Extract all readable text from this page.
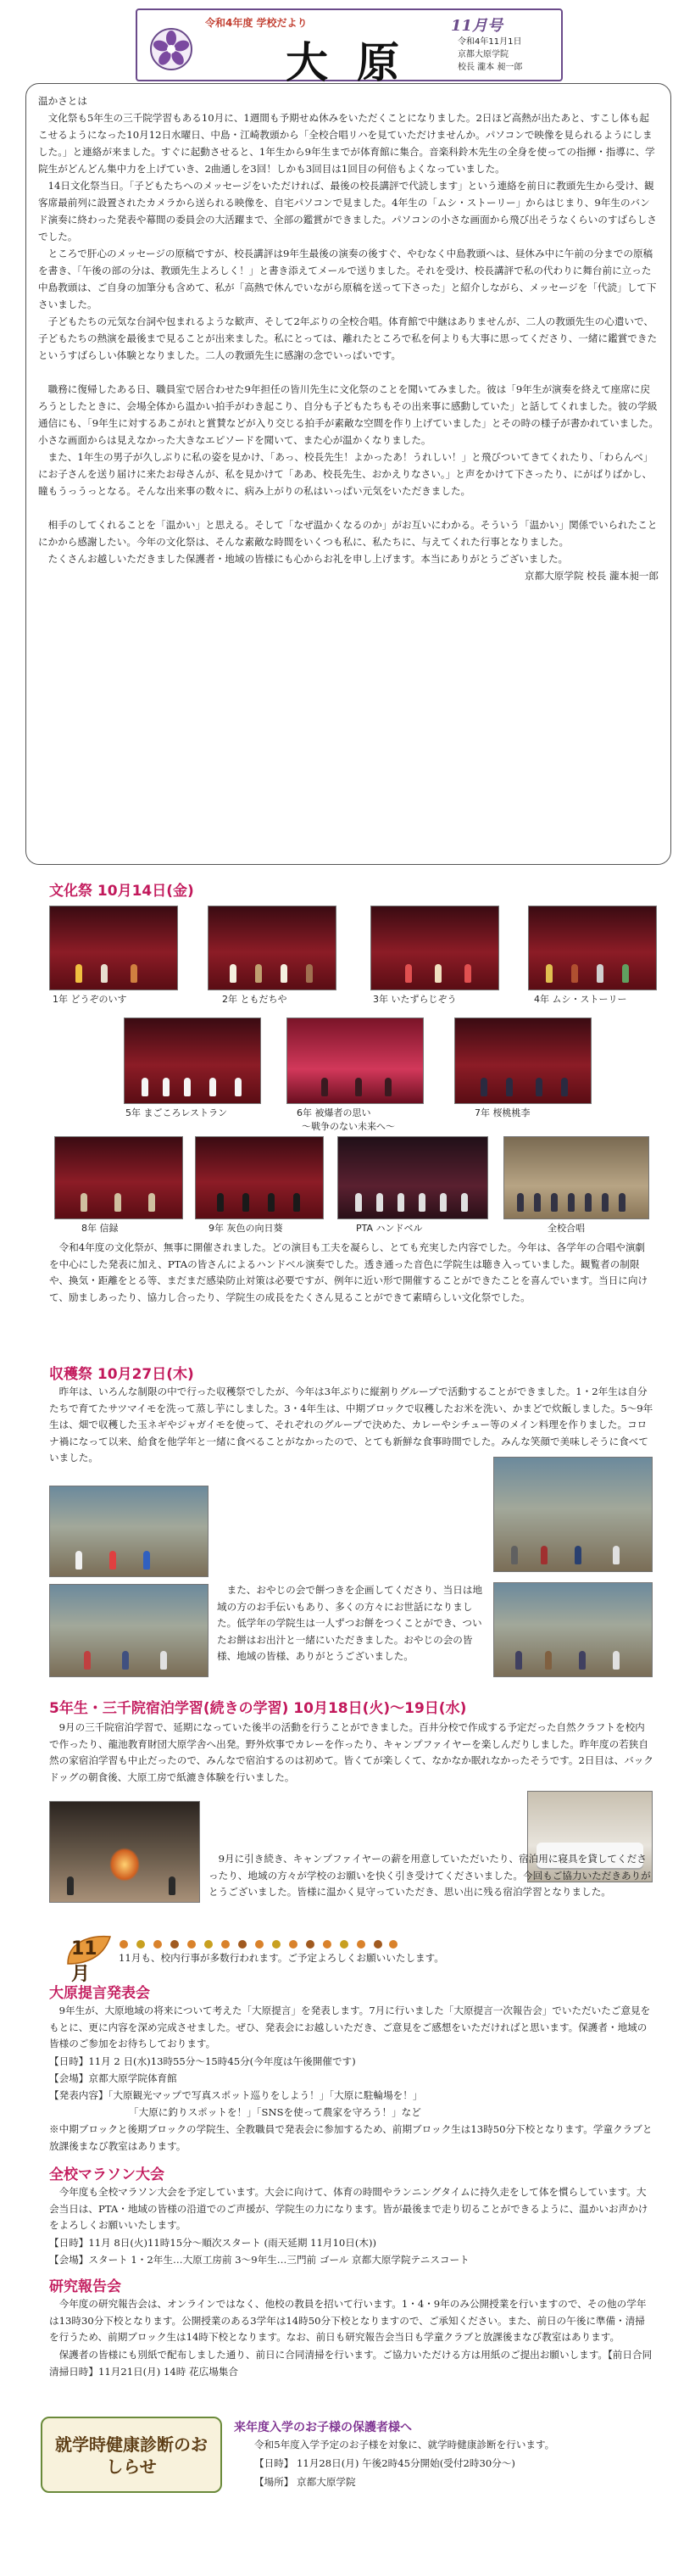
令和4年度 学校だより
大原
11月号
令和4年11月1日
京都大原学院
校長 瀧本 昶一郎

温かさとは

文化祭も5年生の三千院学習もある10月に、1週間も予期せぬ休みをいただくことになりました。2日ほど高熱が出たあと、すこし体も起こせるようになった10月12日水曜日、中島・江崎教頭から「全校合唱リハを見ていただけませんか。パソコンで映像を見られるようにしました。」と連絡が来ました。すぐに起動させると、1年生から9年生までが体育館に集合。音楽科鈴木先生の全身を使っての指揮・指導に、学院生がどんどん集中力を上げていき、2曲通しを3回！しかも3回目は1回目の何倍もよくなっていました。

14日文化祭当日。「子どもたちへのメッセージをいただければ、最後の校長講評で代読します」という連絡を前日に教頭先生から受け、観客席最前列に設置されたカメラから送られる映像を、自宅パソコンで見ました。4年生の「ムシ・ストーリー」からはじまり、9年生のバンド演奏に終わった発表や幕間の委員会の大活躍まで、全部の鑑賞ができました。パソコンの小さな画面から飛び出そうなくらいのすばらしさでした。

ところで肝心のメッセージの原稿ですが、校長講評は9年生最後の演奏の後すぐ、やむなく中島教頭へは、昼休み中に午前の分までの原稿を書き、「午後の部の分は、教頭先生よろしく！」と書き添えてメールで送りました。それを受け、校長講評で私の代わりに舞台前に立った中島教頭は、ご自身の加筆分も含めて、私が「高熱で休んでいながら原稿を送って下さった」と紹介しながら、メッセージを「代読」して下さいました。

子どもたちの元気な台詞や包まれるような歓声、そして2年ぶりの全校合唱。体育館で中継はありませんが、二人の教頭先生の心遣いで、子どもたちの熱演を最後まで見ることが出来ました。私にとっては、離れたところで私を何よりも大事に思ってくださり、一緒に鑑賞できたというすばらしい体験となりました。二人の教頭先生に感謝の念でいっぱいです。

職務に復帰したある日、職員室で居合わせた9年担任の皆川先生に文化祭のことを聞いてみました。彼は「9年生が演奏を終えて座席に戻ろうとしたときに、会場全体から温かい拍手がわき起こり、自分も子どもたちもその出来事に感動していた」と話してくれました。彼の学級通信にも、「9年生に対するあこがれと賞賛などが入り交じる拍手が素敵な空間を作り上げていました」とその時の様子が書かれていました。小さな画面からは見えなかった大きなエピソードを聞いて、また心が温かくなりました。

また、1年生の男子が久しぶりに私の姿を見かけ、「あっ、校長先生！よかったあ！うれしい！」と飛びついてきてくれたり、「わらんべ」にお子さんを送り届けに来たお母さんが、私を見かけて「ああ、校長先生、おかえりなさい。」と声をかけて下さったり、にがばりばかし、瞳もうっうっとなる。そんな出来事の数々に、病み上がりの私はいっぱい元気をいただきました。

相手のしてくれることを「温かい」と思える。そして「なぜ温かくなるのか」がお互いにわかる。そういう「温かい」関係でいられたことにかから感謝したい。今年の文化祭は、そんな素敵な時間をいくつも私に、私たちに、与えてくれた行事となりました。

たくさんお越しいただきました保護者・地域の皆様にも心からお礼を申し上げます。本当にありがとうございました。

京都大原学院 校長 瀧本昶一郎

文化祭 10月14日(金)
1年 どうぞのいす	2年 ともだちや	3年 いたずらじぞう	4年 ムシ・ストーリー
5年 まごころレストラン	6年 被爆者の思い
～戦争のない未来へ～
7年 桜桃桃李
8年 信録	9年 灰色の向日葵	PTA ハンドベル	全校合唱
令和4年度の文化祭が、無事に開催されました。どの演目も工夫を凝らし、とても充実した内容でした。今年は、各学年の合唱や演劇を中心にした発表に加え、PTAの皆さんによるハンドベル演奏でした。透き通った音色に学院生は聴き入っていました。観覧者の制限や、換気・距離をとる等、まだまだ感染防止対策は必要ですが、例年に近い形で開催することができたことを喜んでいます。当日に向けて、励ましあったり、協力し合ったり、学院生の成長をたくさん見ることができて素晴らしい文化祭でした。
収穫祭 10月27日(木)
昨年は、いろんな制限の中で行った収穫祭でしたが、今年は3年ぶりに縦割りグループで活動することができました。1・2年生は自分たちで育てたサツマイモを洗って蒸し芋にしました。3・4年生は、中期ブロックで収穫したお米を洗い、かまどで炊飯しました。5～9年生は、畑で収穫した玉ネギやジャガイモを使って、それぞれのグループで決めた、カレーやシチュー等のメイン料理を作りました。コロナ禍になって以来、給食を他学年と一緒に食べることがなかったので、とても新鮮な食事時間でした。みんな笑顔で美味しそうに食べていました。
また、おやじの会で餅つきを企画してくださり、当日は地域の方のお手伝いもあり、多くの方々にお世話になりました。低学年の学院生は一人ずつお餅をつくことができ、ついたお餅はお出汁と一緒にいただきました。おやじの会の皆様、地域の皆様、ありがとうございました。
5年生・三千院宿泊学習(続きの学習) 10月18日(火)～19日(水)
9月の三千院宿泊学習で、延期になっていた後半の活動を行うことができました。百井分校で作成する予定だった自然クラフトを校内で作ったり、龍池教育財団大原学舎へ出発。野外炊事でカレーを作ったり、キャンプファイヤーを楽しんだりしました。昨年度の若狭自然の家宿泊学習も中止だったので、みんなで宿泊するのは初めて。皆くてが楽しくて、なかなか眠れなかったそうです。2日目は、バックドッグの朝食後、大原工房で紙漉き体験を行いました。
9月に引き続き、キャンプファイヤーの薪を用意していただいたり、宿泊用に寝具を貸してくださったり、地域の方々が学校のお願いを快く引き受けてくださいました。今回もご協力いただきありがとうございました。皆様に温かく見守っていただき、思い出に残る宿泊学習となりました。
11月
11月も、校内行事が多数行われます。ご予定よろしくお願いいたします。
大原提言発表会
9年生が、大原地域の将来について考えた「大原提言」を発表します。7月に行いました「大原提言一次報告会」でいただいたご意見をもとに、更に内容を深め完成させました。ぜひ、発表会にお越しいただき、ご意見をご感想をいただければと思います。保護者・地域の皆様のご参加をお待ちしております。
【日時】11月 2 日(水)13時55分～15時45分(今年度は午後開催です)
【会場】京都大原学院体育館
【発表内容】「大原観光マップで写真スポット巡りをしよう！」「大原に駐輪場を！」
「大原に釣りスポットを！」「SNSを使って農家を守ろう！」など
※中期ブロックと後期ブロックの学院生、全教職員で発表会に参加するため、前期ブロック生は13時50分下校となります。学童クラブと放課後まなび教室はあります。
全校マラソン大会
今年度も全校マラソン大会を予定しています。大会に向けて、体育の時間やランニングタイムに持久走をして体を慣らしています。大会当日は、PTA・地域の皆様の沿道でのご声援が、学院生の力になります。皆が最後まで走り切ることができるように、温かいお声かけをよろしくお願いいたします。
【日時】11月 8日(火)11時15分～順次スタート (雨天延期 11月10日(木))
【会場】スタート 1・2年生…大原工房前 3～9年生…三門前 ゴール 京都大原学院テニスコート
研究報告会
今年度の研究報告会は、オンラインではなく、他校の教員を招いて行います。1・4・9年のみ公開授業を行いますので、その他の学年は13時30分下校となります。公開授業のある3学年は14時50分下校となりますので、ご承知ください。また、前日の午後に準備・清掃を行うため、前期ブロック生は14時下校となります。なお、前日も研究報告会当日も学童クラブと放課後まなび教室はあります。
保護者の皆様にも別紙で配布しました通り、前日に合同清掃を行います。ご協力いただける方は用紙のご提出お願いします。【前日合同清掃日時】11月21日(月) 14時 花広場集合
就学時健康診断のおしらせ
来年度入学のお子様の保護者様へ
令和5年度入学予定のお子様を対象に、就学時健康診断を行います。
【日時】 11月28日(月) 午後2時45分開始(受付2時30分～)
【場所】 京都大原学院
